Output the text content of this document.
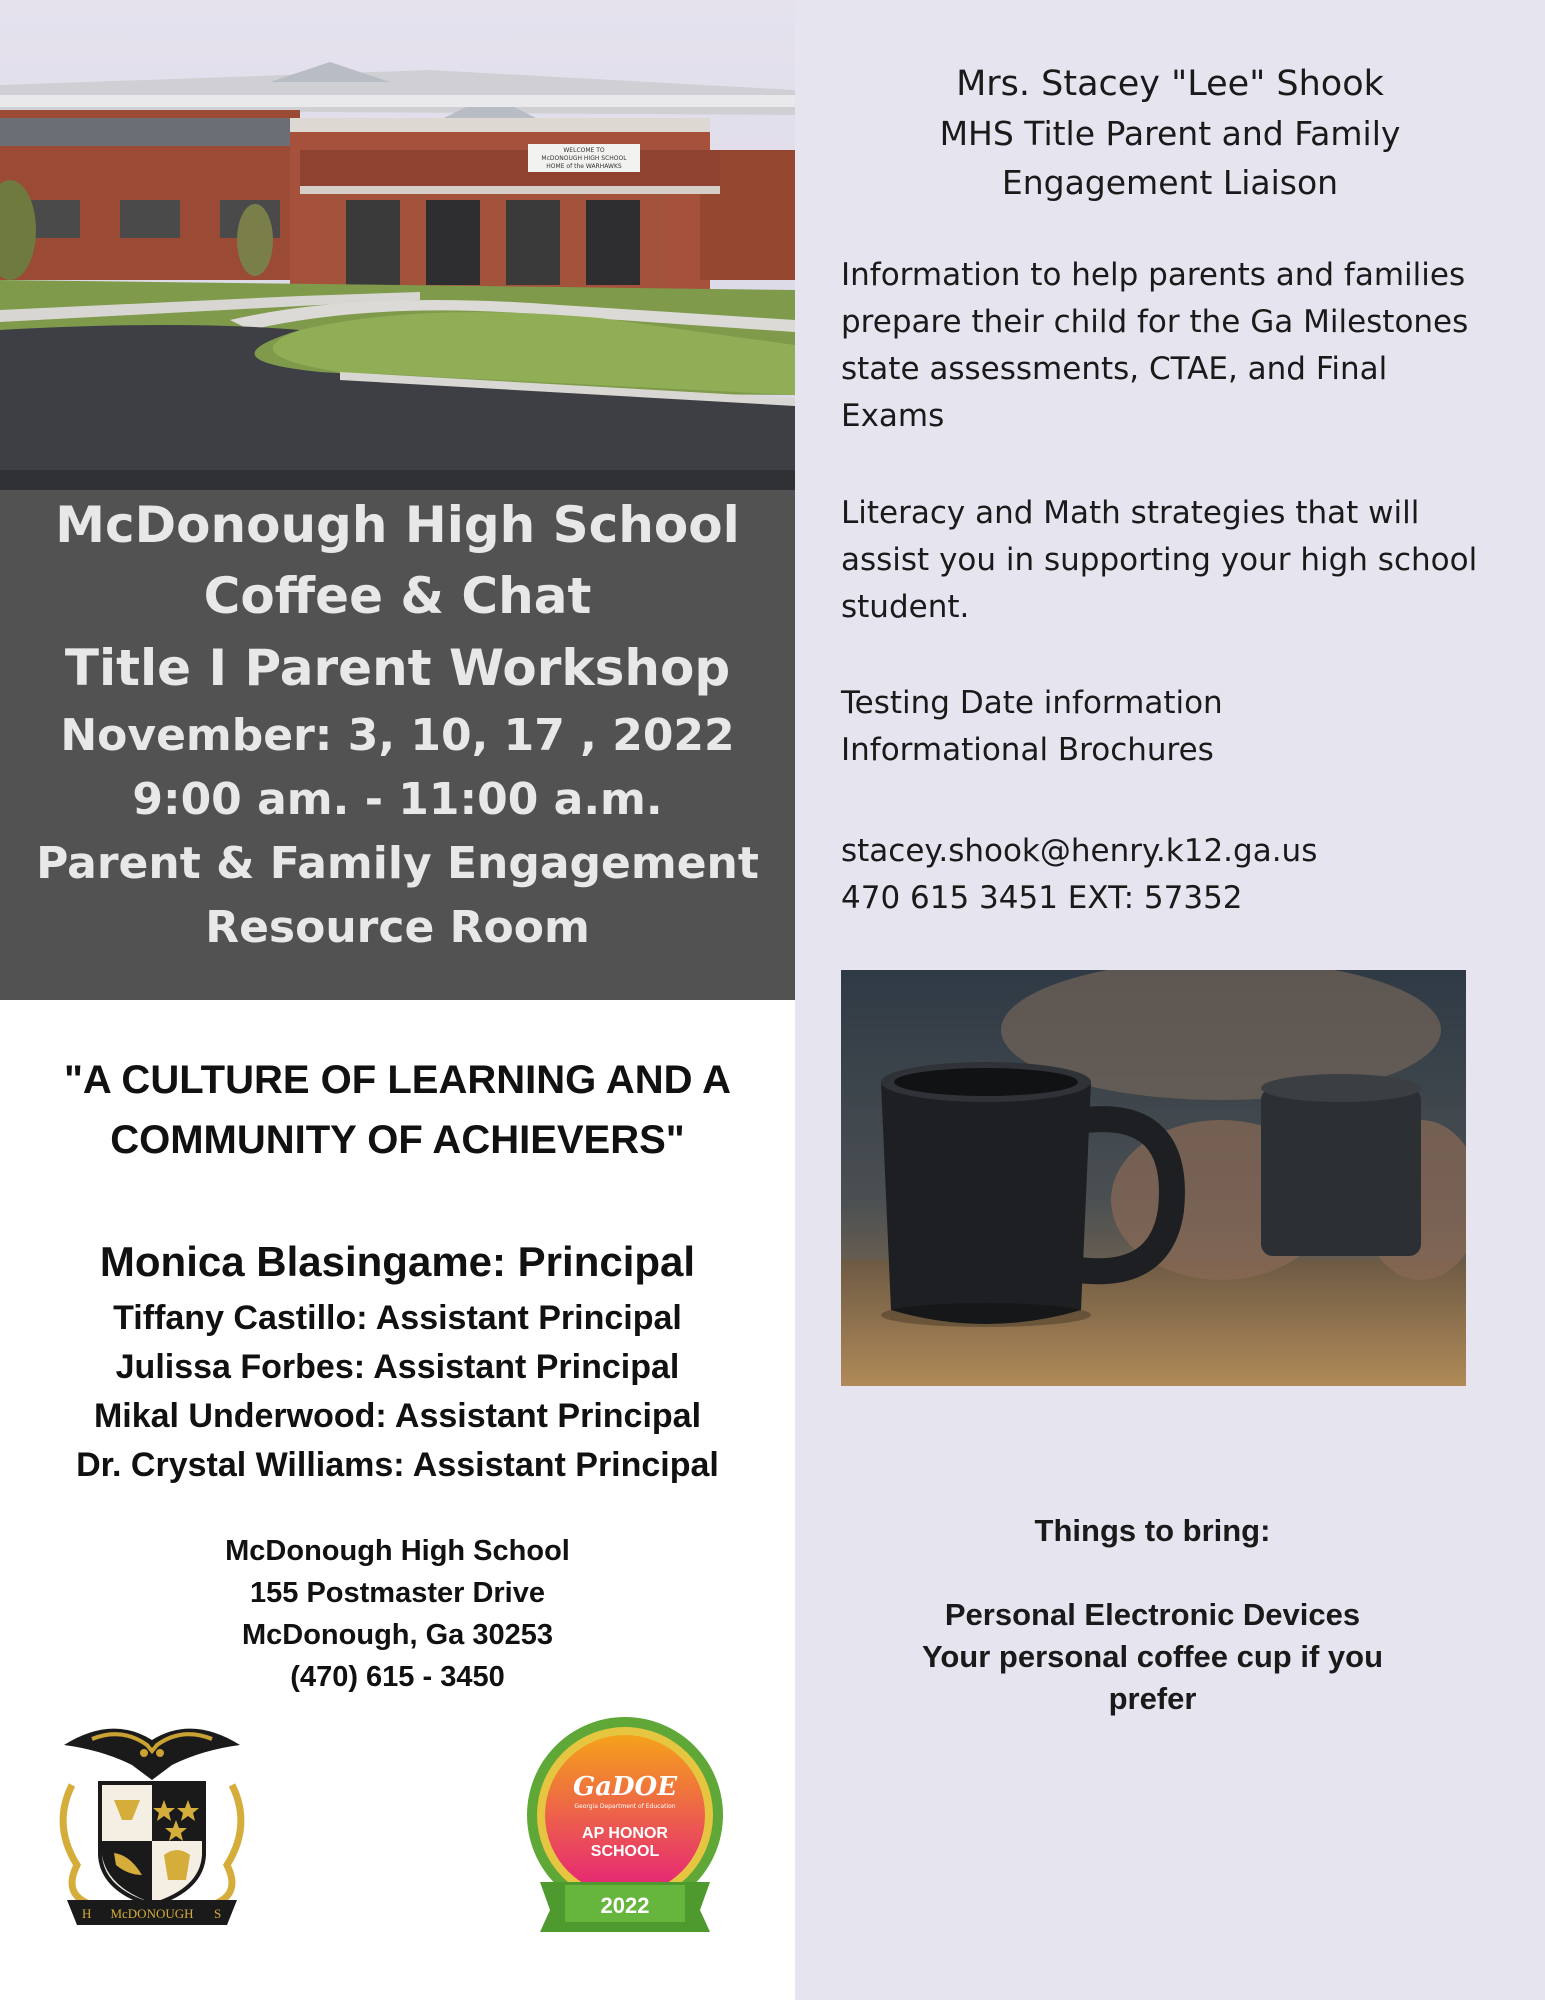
WELCOME TO
McDONOUGH HIGH SCHOOL
HOME of the WARHAWKS
McDonough High School
Coffee & Chat
Title I Parent Workshop
November: 3, 10, 17 , 2022
9:00 am. - 11:00 a.m.
Parent & Family Engagement
Resource Room
"A CULTURE OF LEARNING AND A
COMMUNITY OF ACHIEVERS"
Monica Blasingame: Principal
Tiffany Castillo: Assistant Principal
Julissa Forbes: Assistant Principal
Mikal Underwood: Assistant Principal
Dr. Crystal Williams: Assistant Principal
McDonough High School
155 Postmaster Drive
McDonough, Ga 30253
(470) 615 - 3450
H McDONOUGH S
GaDOE
Georgia Department of Education
AP HONOR
SCHOOL
2022
Mrs. Stacey "Lee" Shook
MHS Title Parent and Family
Engagement Liaison
Information to help parents and families
prepare their child for the Ga Milestones
state assessments, CTAE, and Final
Exams
Literacy and Math strategies that will
assist you in supporting your high school
student.
Testing Date information
Informational Brochures
stacey.shook@henry.k12.ga.us
470 615 3451 EXT: 57352
Things to bring:
Personal Electronic Devices
Your personal coffee cup if you
prefer
